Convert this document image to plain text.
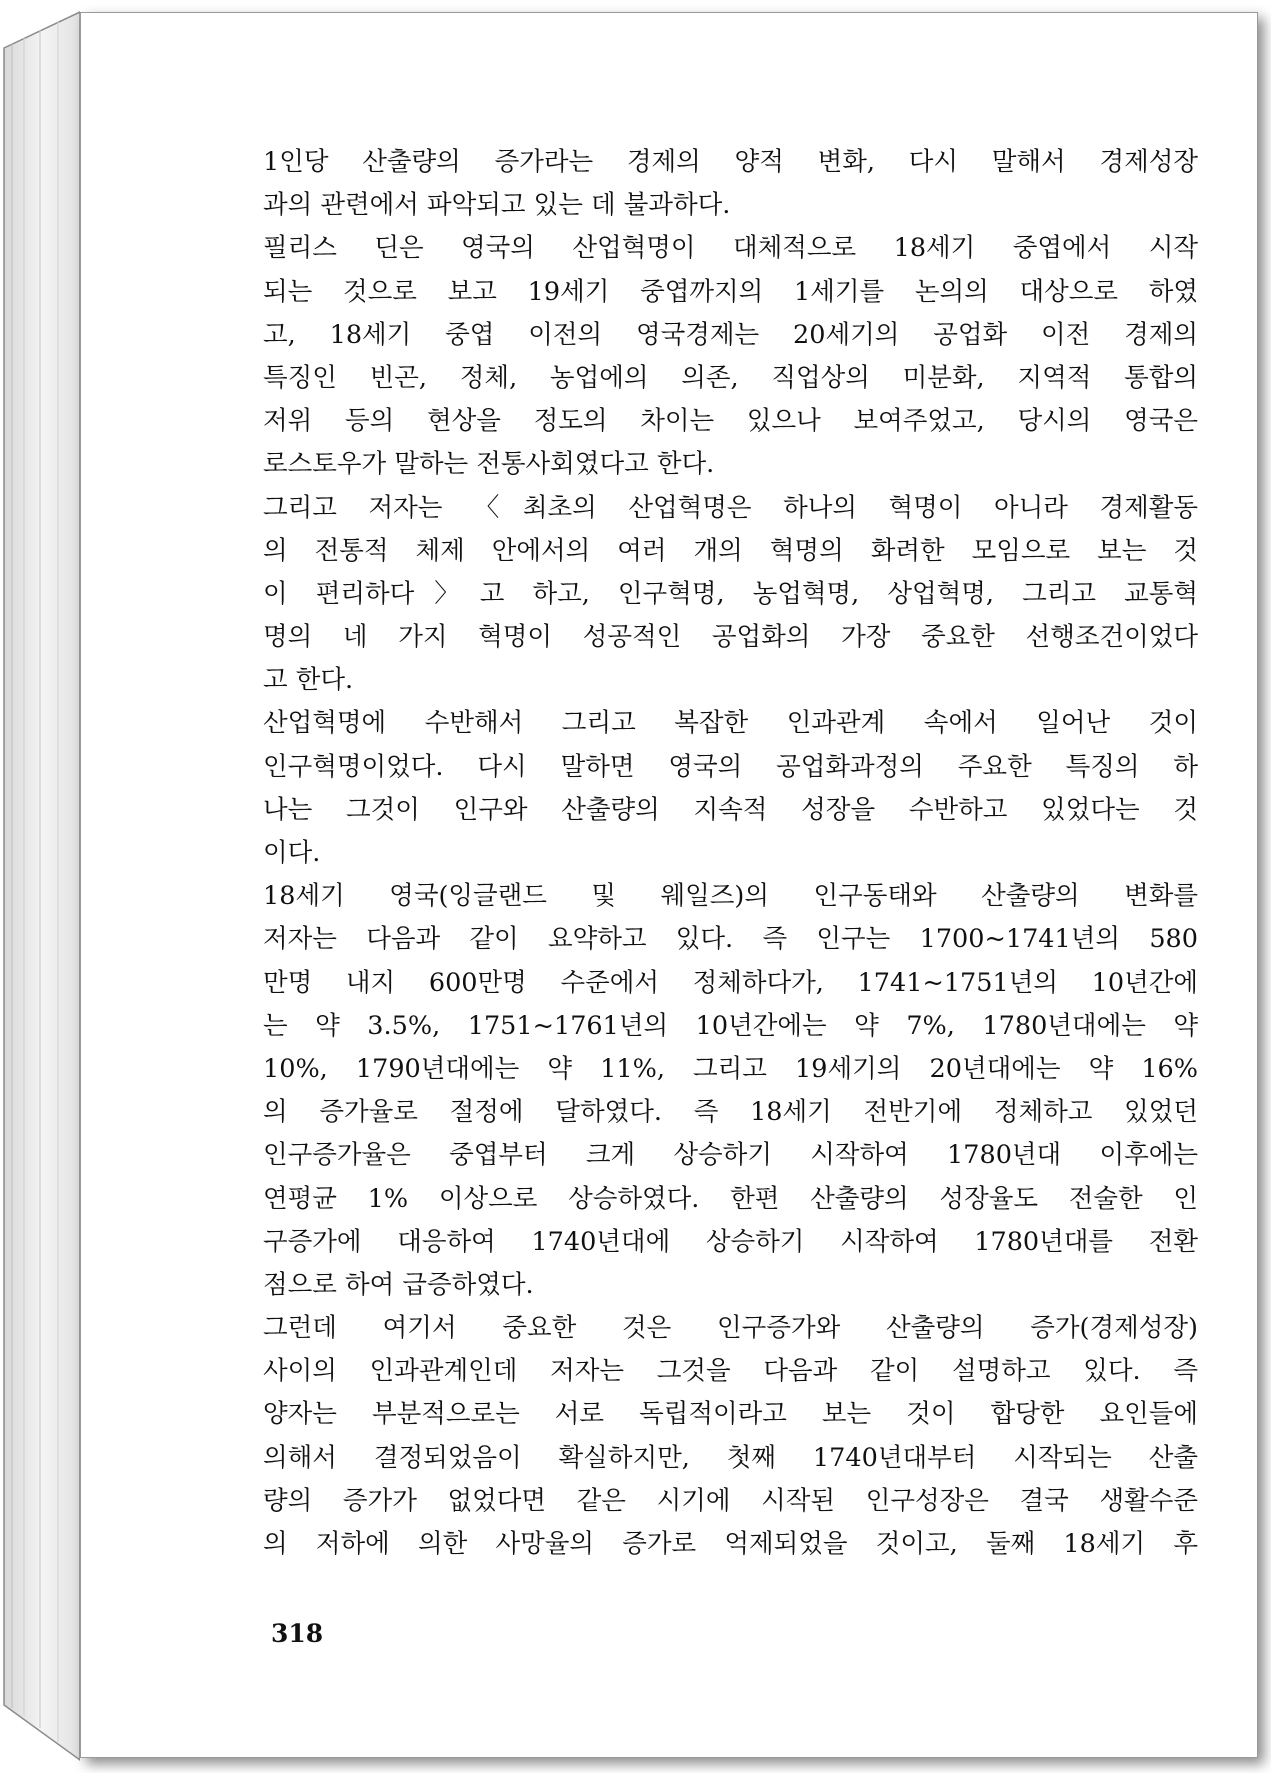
1인당 산출량의 증가라는 경제의 양적 변화, 다시 말해서 경제성장
과의 관련에서 파악되고 있는 데 불과하다.
필리스 딘은 영국의 산업혁명이 대체적으로 18세기 중엽에서 시작
되는 것으로 보고 19세기 중엽까지의 1세기를 논의의 대상으로 하였
고, 18세기 중엽 이전의 영국경제는 20세기의 공업화 이전 경제의
특징인 빈곤, 정체, 농업에의 의존, 직업상의 미분화, 지역적 통합의
저위 등의 현상을 정도의 차이는 있으나 보여주었고, 당시의 영국은
로스토우가 말하는 전통사회였다고 한다.
그리고 저자는 〈최초의 산업혁명은 하나의 혁명이 아니라 경제활동
의 전통적 체제 안에서의 여러 개의 혁명의 화려한 모임으로 보는 것
이 편리하다〉고 하고, 인구혁명, 농업혁명, 상업혁명, 그리고 교통혁
명의 네 가지 혁명이 성공적인 공업화의 가장 중요한 선행조건이었다
고 한다.
산업혁명에 수반해서 그리고 복잡한 인과관계 속에서 일어난 것이
인구혁명이었다. 다시 말하면 영국의 공업화과정의 주요한 특징의 하
나는 그것이 인구와 산출량의 지속적 성장을 수반하고 있었다는 것
이다.
18세기 영국(잉글랜드 및 웨일즈)의 인구동태와 산출량의 변화를
저자는 다음과 같이 요약하고 있다. 즉 인구는 1700~1741년의 580
만명 내지 600만명 수준에서 정체하다가, 1741~1751년의 10년간에
는 약 3.5%, 1751~1761년의 10년간에는 약 7%, 1780년대에는 약
10%, 1790년대에는 약 11%, 그리고 19세기의 20년대에는 약 16%
의 증가율로 절정에 달하였다. 즉 18세기 전반기에 정체하고 있었던
인구증가율은 중엽부터 크게 상승하기 시작하여 1780년대 이후에는
연평균 1% 이상으로 상승하였다. 한편 산출량의 성장율도 전술한 인
구증가에 대응하여 1740년대에 상승하기 시작하여 1780년대를 전환
점으로 하여 급증하였다.
그런데 여기서 중요한 것은 인구증가와 산출량의 증가(경제성장)
사이의 인과관계인데 저자는 그것을 다음과 같이 설명하고 있다. 즉
양자는 부분적으로는 서로 독립적이라고 보는 것이 합당한 요인들에
의해서 결정되었음이 확실하지만, 첫째 1740년대부터 시작되는 산출
량의 증가가 없었다면 같은 시기에 시작된 인구성장은 결국 생활수준
의 저하에 의한 사망율의 증가로 억제되었을 것이고, 둘째 18세기 후
318
